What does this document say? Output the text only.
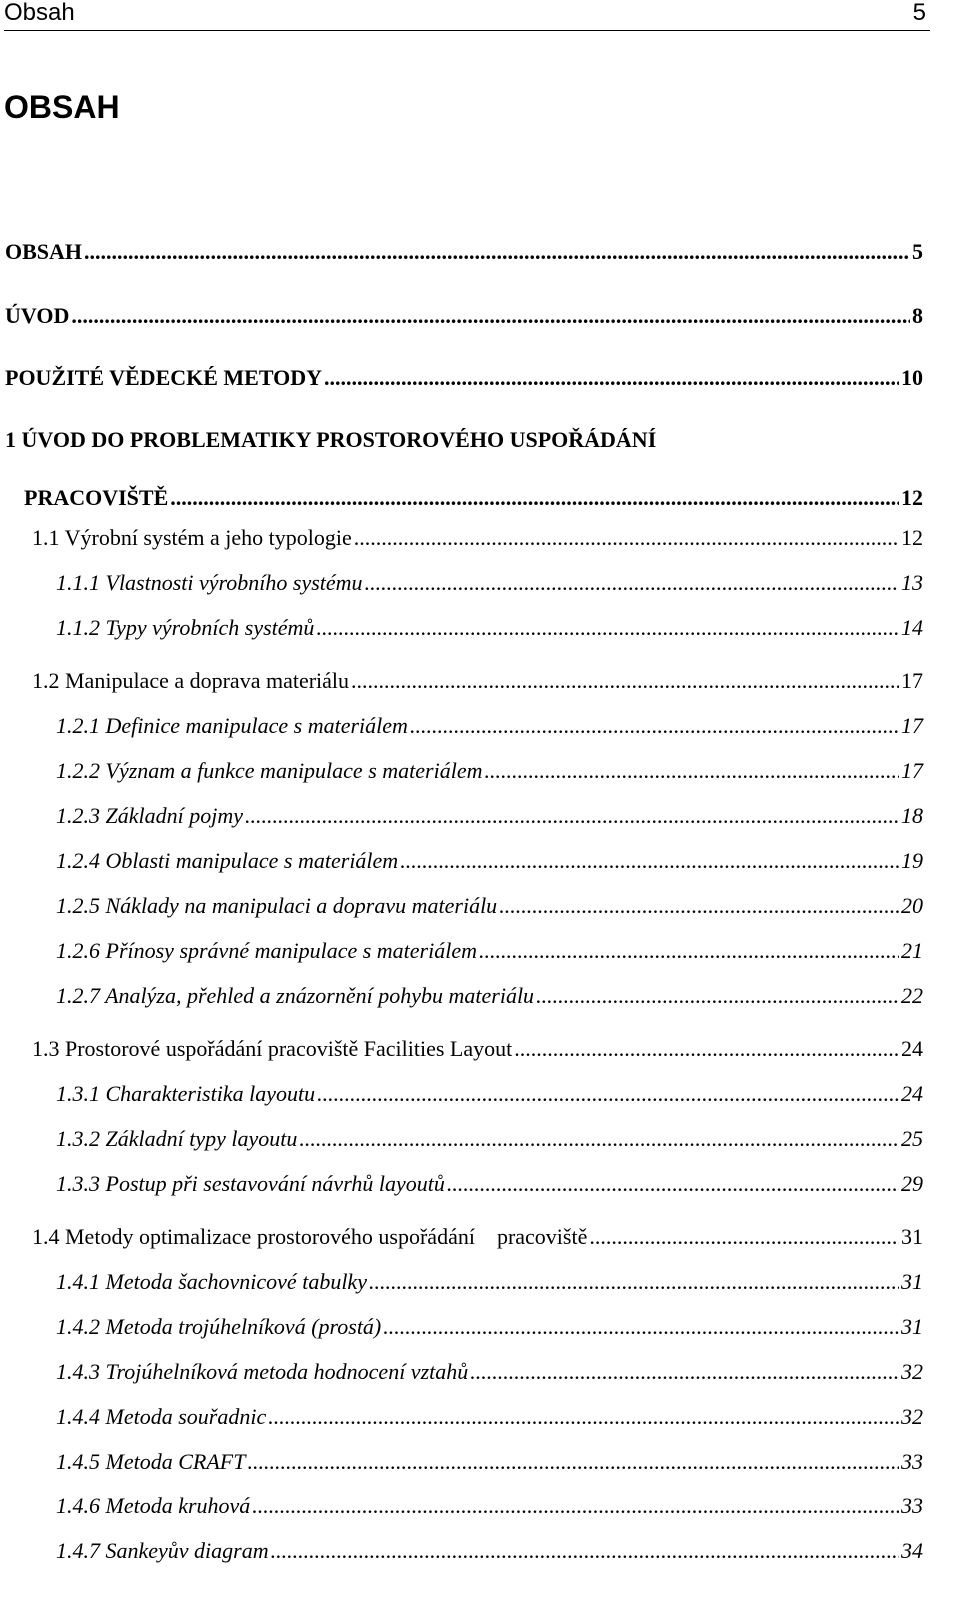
Obsah	5
OBSAH
OBSAH .....	5
ÚVOD .....	8
POUŽITÉ VĚDECKÉ METODY .....	10
1 ÚVOD DO PROBLEMATIKY PROSTOROVÉHO USPOŘÁDÁNÍ
PRACOVIŠTĚ .....	12
1.1 Výrobní systém a jeho typologie .....	12
1.1.1 Vlastnosti výrobního systému .....	13
1.1.2 Typy výrobních systémů .....	14
1.2 Manipulace a doprava materiálu .....	17
1.2.1 Definice manipulace s materiálem .....	17
1.2.2 Význam a funkce manipulace s materiálem .....	17
1.2.3 Základní pojmy .....	18
1.2.4 Oblasti manipulace s materiálem .....	19
1.2.5 Náklady na manipulaci a dopravu materiálu .....	20
1.2.6 Přínosy správné manipulace s materiálem .....	21
1.2.7 Analýza, přehled a znázornění pohybu materiálu .....	22
1.3 Prostorové uspořádání pracoviště Facilities Layout .....	24
1.3.1 Charakteristika layoutu .....	24
1.3.2 Základní typy layoutu .....	25
1.3.3 Postup při sestavování návrhů layoutů .....	29
1.4 Metody optimalizace prostorového uspořádání    pracoviště .....	31
1.4.1 Metoda šachovnicové tabulky .....	31
1.4.2 Metoda trojúhelníková (prostá) .....	31
1.4.3 Trojúhelníková metoda hodnocení vztahů .....	32
1.4.4 Metoda souřadnic .....	32
1.4.5 Metoda CRAFT .....	33
1.4.6 Metoda kruhová .....	33
1.4.7 Sankeyův diagram .....	34
